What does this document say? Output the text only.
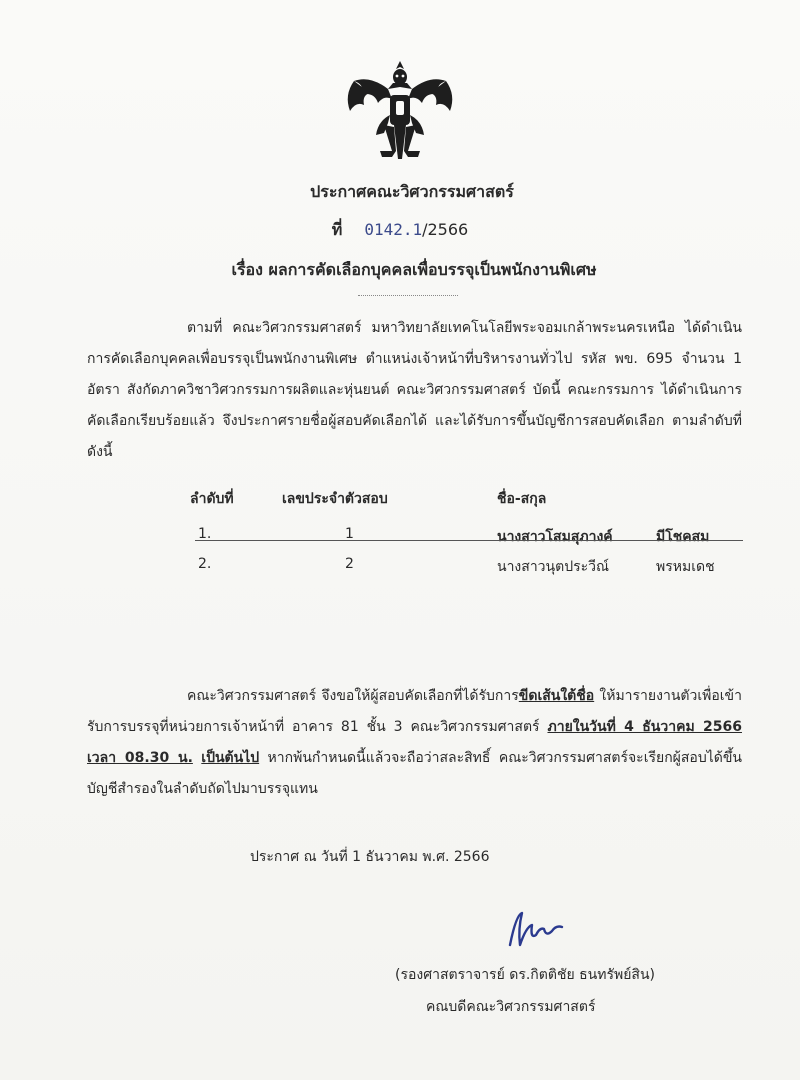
ประกาศคณะวิศวกรรมศาสตร์
ที่ 0142.1/2566
เรื่อง ผลการคัดเลือกบุคคลเพื่อบรรจุเป็นพนักงานพิเศษ

ตามที่ คณะวิศวกรรมศาสตร์ มหาวิทยาลัยเทคโนโลยีพระจอมเกล้าพระนครเหนือ ได้ดำเนินการคัดเลือกบุคคลเพื่อบรรจุเป็นพนักงานพิเศษ ตำแหน่งเจ้าหน้าที่บริหารงานทั่วไป รหัส พข. 695 จำนวน 1 อัตรา สังกัดภาควิชาวิศวกรรมการผลิตและหุ่นยนต์ คณะวิศวกรรมศาสตร์ บัดนี้ คณะกรรมการ ได้ดำเนินการคัดเลือกเรียบร้อยแล้ว จึงประกาศรายชื่อผู้สอบคัดเลือกได้ และได้รับการขึ้นบัญชีการสอบคัดเลือก ตามลำดับที่ ดังนี้

ลำดับที่	เลขประจำตัวสอบ	ชื่อ-สกุล
1.	1	นางสาวโสมสุภางค์	มีโชคสม
2.	2	นางสาวนุตประวีณ์	พรหมเดช

คณะวิศวกรรมศาสตร์ จึงขอให้ผู้สอบคัดเลือกที่ได้รับการขีดเส้นใต้ชื่อ ให้มารายงานตัวเพื่อเข้ารับการบรรจุที่หน่วยการเจ้าหน้าที่ อาคาร 81 ชั้น 3 คณะวิศวกรรมศาสตร์ ภายในวันที่ 4 ธันวาคม 2566 เวลา 08.30 น. เป็นต้นไป หากพ้นกำหนดนี้แล้วจะถือว่าสละสิทธิ์ คณะวิศวกรรมศาสตร์จะเรียกผู้สอบได้ขึ้นบัญชีสำรองในลำดับถัดไปมาบรรจุแทน

ประกาศ ณ วันที่ 1 ธันวาคม พ.ศ. 2566
(รองศาสตราจารย์ ดร.กิตติชัย ธนทรัพย์สิน)
คณบดีคณะวิศวกรรมศาสตร์
